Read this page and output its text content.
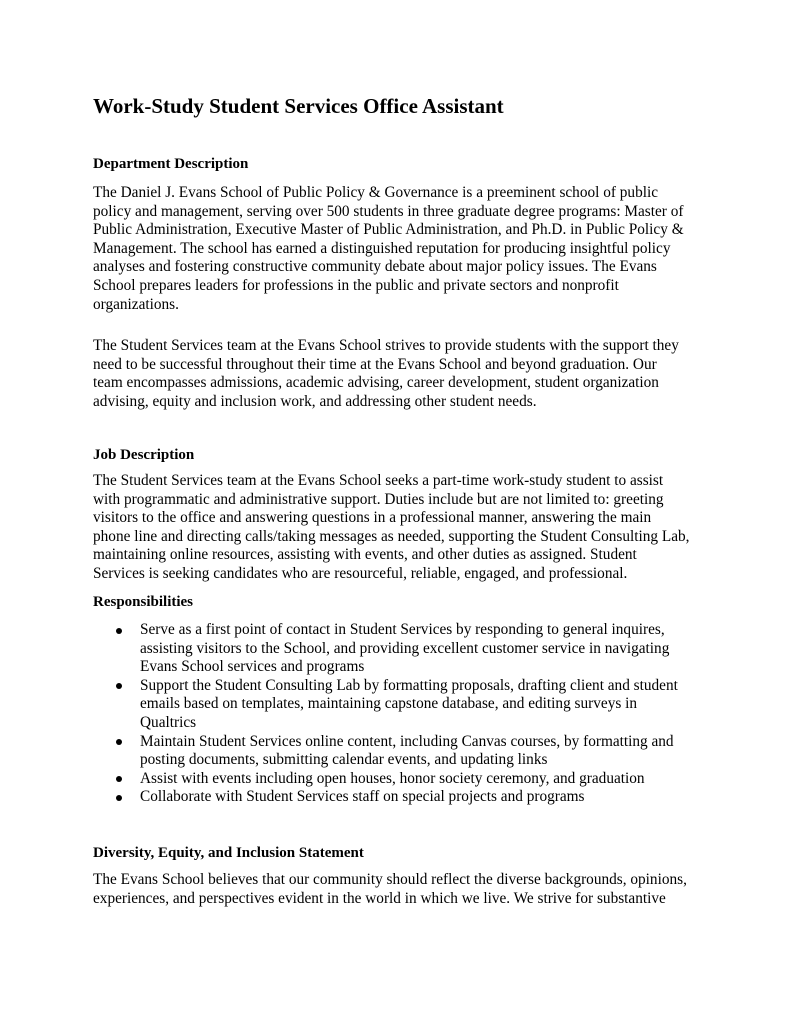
Work-Study Student Services Office Assistant
Department Description
The Daniel J. Evans School of Public Policy & Governance is a preeminent school of public
policy and management, serving over 500 students in three graduate degree programs: Master of
Public Administration, Executive Master of Public Administration, and Ph.D. in Public Policy &
Management. The school has earned a distinguished reputation for producing insightful policy
analyses and fostering constructive community debate about major policy issues. The Evans
School prepares leaders for professions in the public and private sectors and nonprofit
organizations.
The Student Services team at the Evans School strives to provide students with the support they
need to be successful throughout their time at the Evans School and beyond graduation. Our
team encompasses admissions, academic advising, career development, student organization
advising, equity and inclusion work, and addressing other student needs.
Job Description
The Student Services team at the Evans School seeks a part-time work-study student to assist
with programmatic and administrative support. Duties include but are not limited to: greeting
visitors to the office and answering questions in a professional manner, answering the main
phone line and directing calls/taking messages as needed, supporting the Student Consulting Lab,
maintaining online resources, assisting with events, and other duties as assigned. Student
Services is seeking candidates who are resourceful, reliable, engaged, and professional.
Responsibilities
Serve as a first point of contact in Student Services by responding to general inquires,
assisting visitors to the School, and providing excellent customer service in navigating
Evans School services and programs
Support the Student Consulting Lab by formatting proposals, drafting client and student
emails based on templates, maintaining capstone database, and editing surveys in
Qualtrics
Maintain Student Services online content, including Canvas courses, by formatting and
posting documents, submitting calendar events, and updating links
Assist with events including open houses, honor society ceremony, and graduation
Collaborate with Student Services staff on special projects and programs
Diversity, Equity, and Inclusion Statement
The Evans School believes that our community should reflect the diverse backgrounds, opinions,
experiences, and perspectives evident in the world in which we live. We strive for substantive
